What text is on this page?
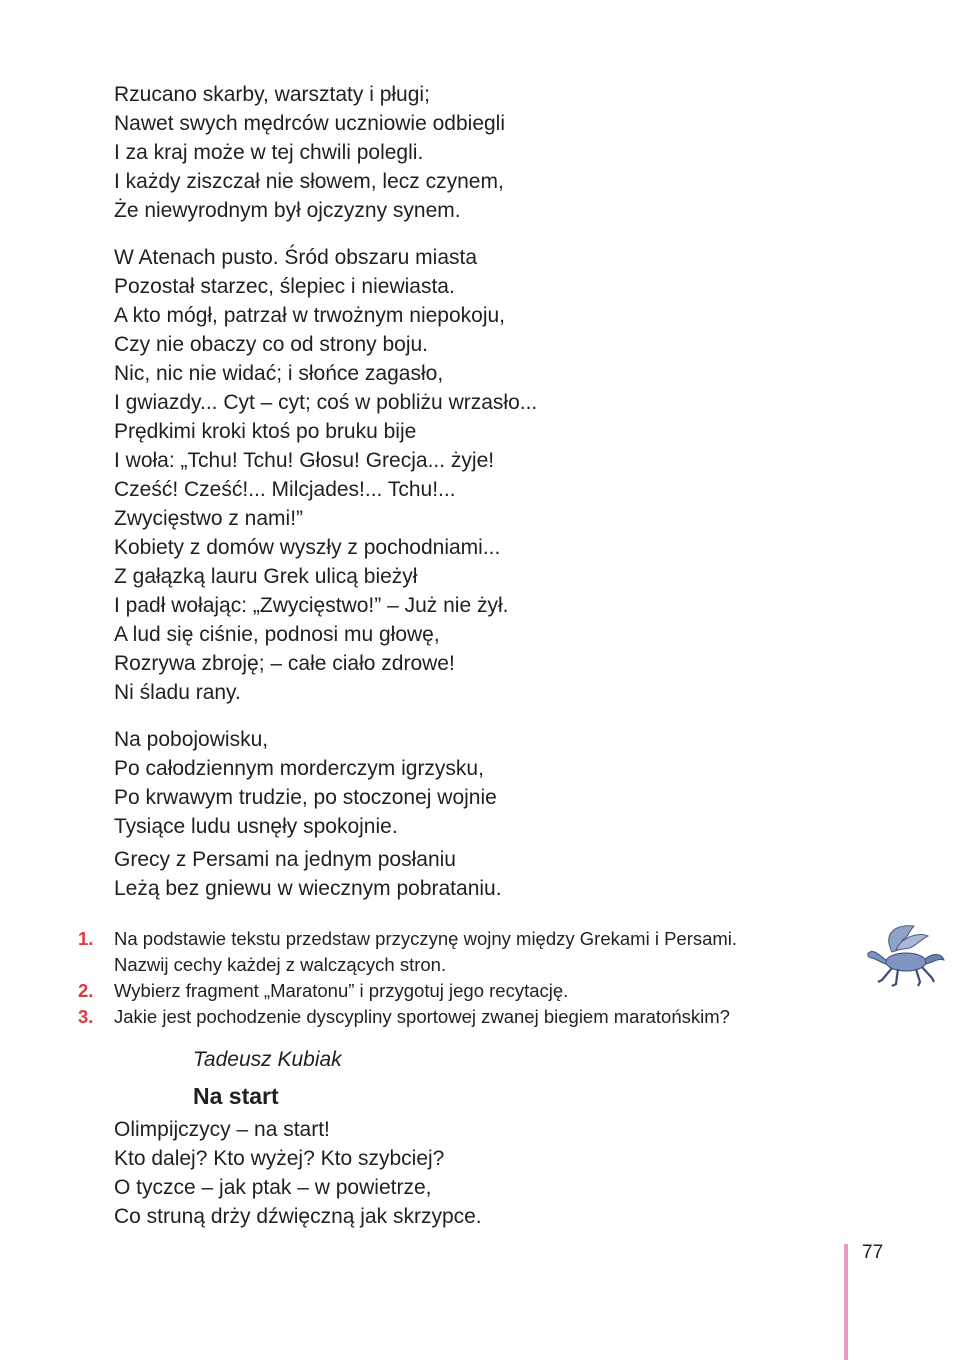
Rzucano skarby, warsztaty i pługi;
Nawet swych mędrców uczniowie odbiegli
I za kraj może w tej chwili polegli.
I każdy ziszczał nie słowem, lecz czynem,
Że niewyrodnym był ojczyzny synem.
W Atenach pusto. Śród obszaru miasta
Pozostał starzec, ślepiec i niewiasta.
A kto mógł, patrzał w trwożnym niepokoju,
Czy nie obaczy co od strony boju.
Nic, nic nie widać; i słońce zagasło,
I gwiazdy... Cyt – cyt; coś w pobliżu wrzasło...
Prędkimi kroki ktoś po bruku bije
I woła: „Tchu! Tchu! Głosu! Grecja... żyje!
Cześć! Cześć!... Milcjades!... Tchu!...
Zwycięstwo z nami!”
Kobiety z domów wyszły z pochodniami...
Z gałązką lauru Grek ulicą bieżył
I padł wołając: „Zwycięstwo!” – Już nie żył.
A lud się ciśnie, podnosi mu głowę,
Rozrywa zbroję; – całe ciało zdrowe!
Ni śladu rany.
Na pobojowisku,
Po całodziennym morderczym igrzysku,
Po krwawym trudzie, po stoczonej wojnie
Tysiące ludu usnęły spokojnie.
Grecy z Persami na jednym posłaniu
Leżą bez gniewu w wiecznym pobrataniu.
1.	Na podstawie tekstu przedstaw przyczynę wojny między Grekami i Persami.
Nazwij cechy każdej z walczących stron.
2.	Wybierz fragment „Maratonu” i przygotuj jego recytację.
3.	Jakie jest pochodzenie dyscypliny sportowej zwanej biegiem maratońskim?
Tadeusz Kubiak
Na start
Olimpijczycy – na start!
Kto dalej? Kto wyżej? Kto szybciej?
O tyczce – jak ptak – w powietrze,
Co struną drży dźwięczną jak skrzypce.
77
